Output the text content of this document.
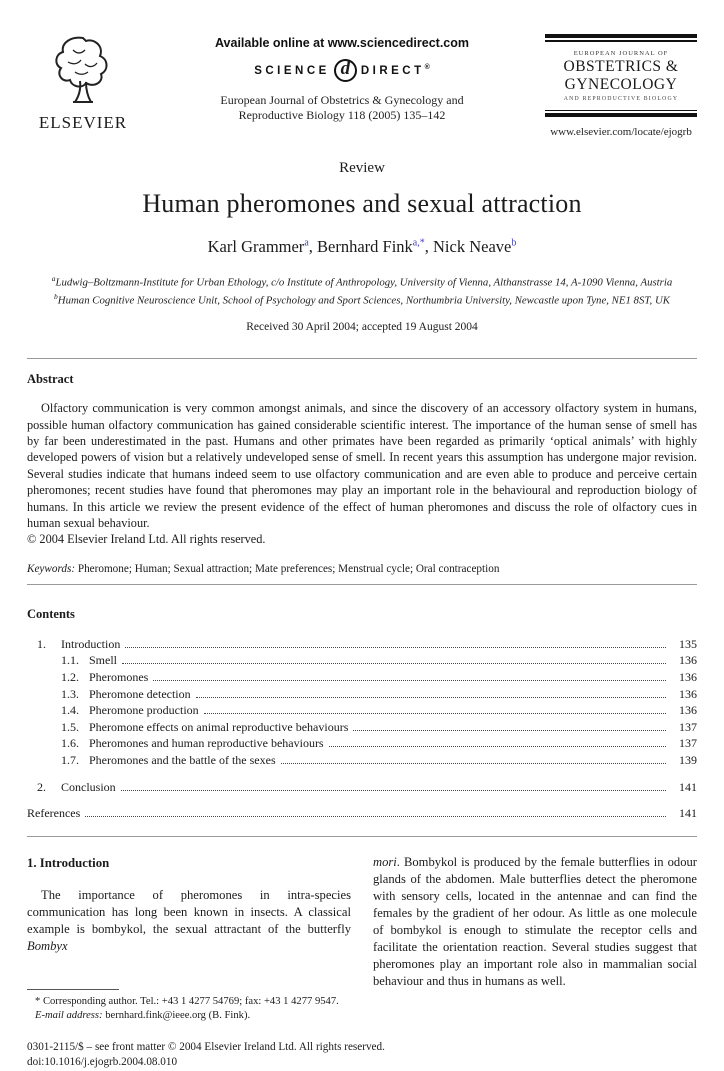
ELSEVIER
Available online at www.sciencedirect.com
SCIENCE d DIRECT®
European Journal of Obstetrics & Gynecology and
Reproductive Biology 118 (2005) 135–142
EUROPEAN JOURNAL OF
OBSTETRICS &
GYNECOLOGY
AND REPRODUCTIVE BIOLOGY
www.elsevier.com/locate/ejogrb
Review
Human pheromones and sexual attraction
Karl Grammer$^a$, Bernhard Fink$^{a,*}$, Nick Neave$^b$
$^a$Ludwig–Boltzmann-Institute for Urban Ethology, c/o Institute of Anthropology, University of Vienna, Althanstrasse 14, A-1090 Vienna, Austria
$^b$Human Cognitive Neuroscience Unit, School of Psychology and Sport Sciences, Northumbria University, Newcastle upon Tyne, NE1 8ST, UK
Received 30 April 2004; accepted 19 August 2004
Abstract
Olfactory communication is very common amongst animals, and since the discovery of an accessory olfactory system in humans, possible human olfactory communication has gained considerable scientific interest. The importance of the human sense of smell has by far been underestimated in the past. Humans and other primates have been regarded as primarily ‘optical animals’ with highly developed powers of vision but a relatively undeveloped sense of smell. In recent years this assumption has undergone major revision. Several studies indicate that humans indeed seem to use olfactory communication and are even able to produce and perceive certain pheromones; recent studies have found that pheromones may play an important role in the behavioural and reproduction biology of humans. In this article we review the present evidence of the effect of human pheromones and discuss the role of olfactory cues in human sexual behaviour.
© 2004 Elsevier Ireland Ltd. All rights reserved.
Keywords: Pheromone; Human; Sexual attraction; Mate preferences; Menstrual cycle; Oral contraception
Contents
1.	Introduction	135
1.1. Smell	136
1.2. Pheromones	136
1.3. Pheromone detection	136
1.4. Pheromone production	136
1.5. Pheromone effects on animal reproductive behaviours	137
1.6. Pheromones and human reproductive behaviours	137
1.7. Pheromones and the battle of the sexes	139
2.	Conclusion	141
References	141
1. Introduction

The importance of pheromones in intra-species communication has long been known in insects. A classical example is bombykol, the sexual attractant of the butterfly Bombyx

* Corresponding author. Tel.: +43 1 4277 54769; fax: +43 1 4277 9547.
E-mail address: bernhard.fink@ieee.org (B. Fink).

mori. Bombykol is produced by the female butterflies in odour glands of the abdomen. Male butterflies detect the pheromone with sensory cells, located in the antennae and can find the females by the gradient of her odour. As little as one molecule of bombykol is enough to stimulate the receptor cells and facilitate the orientation reaction. Several studies suggest that pheromones play an important role also in mammalian social behaviour and thus in humans as well.

0301-2115/$ – see front matter © 2004 Elsevier Ireland Ltd. All rights reserved.
doi:10.1016/j.ejogrb.2004.08.010
